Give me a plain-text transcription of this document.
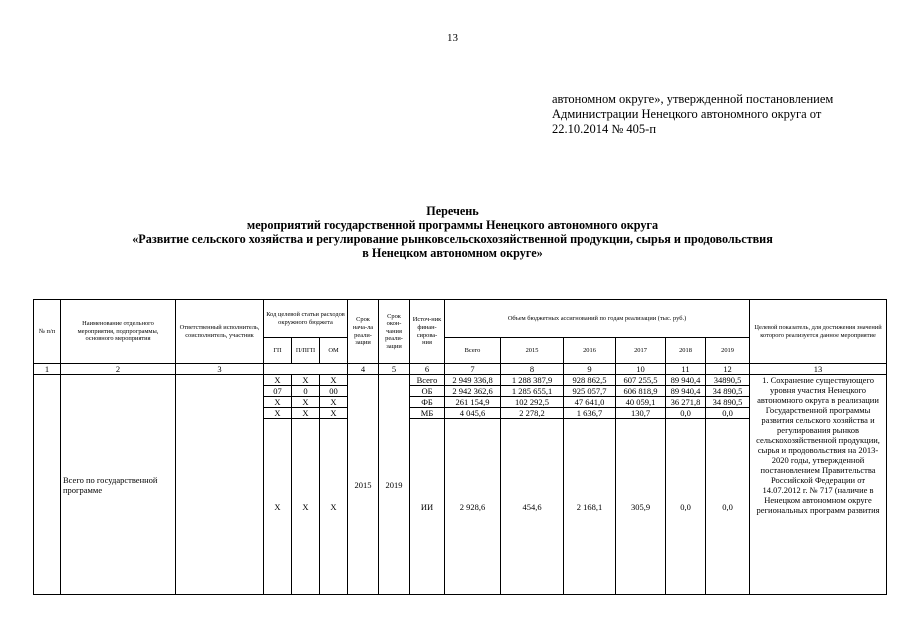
13
автономном округе», утвержденной постановлением
Администрации Ненецкого автономного округа от
22.10.2014 № 405-п
Перечень
мероприятий государственной программы Ненецкого автономного округа
«Развитие сельского хозяйства и регулирование рынковсельскохозяйственной продукции, сырья и продовольствия
в Ненецком автономном округе»
№ п/п	Наименование отдельного мероприятия, подпрограммы, основного мероприятия	Ответственный исполнитель, соисполнитель, участник	Код целевой статьи расходов окружного бюджета			Срок нача-ла реали-зации	Срок окон-чания реали-зации	Источ-ник финан-сирова-ния	Объем бюджетных ассигнований по годам реализации (тыс. руб.)						Целевой показатель, для достижения значений которого реализуется данное мероприятие
			ГП	П/ПГП	ОМ				Всего	2015	2016	2017	2018	2019	
1	2	3				4	5	6	7	8	9	10	11	12	13
	Всего по государственной программе		Х	Х	Х	2015	2019	Всего	2 949 336,8	1 288 387,9	928 862,5	607 255,5	89 940,4	34890,5	1. Сохранение существующего уровня участия Ненецкого автономного округа в реализации Государственной программы развития сельского хозяйства и регулирования рынков сельскохозяйственной продукции, сырья и продовольствия на 2013-2020 годы, утвержденной постановлением Правительства Российской Федерации от 14.07.2012 г. № 717 (наличие в Ненецком автономном округе региональных программ развития
			07	0	00			ОБ	2 942 362,6	1 285 655,1	925 057,7	606 818,9	89 940,4	34 890,5	
			Х	Х	Х			ФБ	261 154,9	102 292,5	47 641,0	40 059,1	36 271,8	34 890,5	
			Х	Х	Х			МБ	4 045,6	2 278,2	1 636,7	130,7	0,0	0,0	
			Х	Х	Х			ИИ	2 928,6	454,6	2 168,1	305,9	0,0	0,0	
